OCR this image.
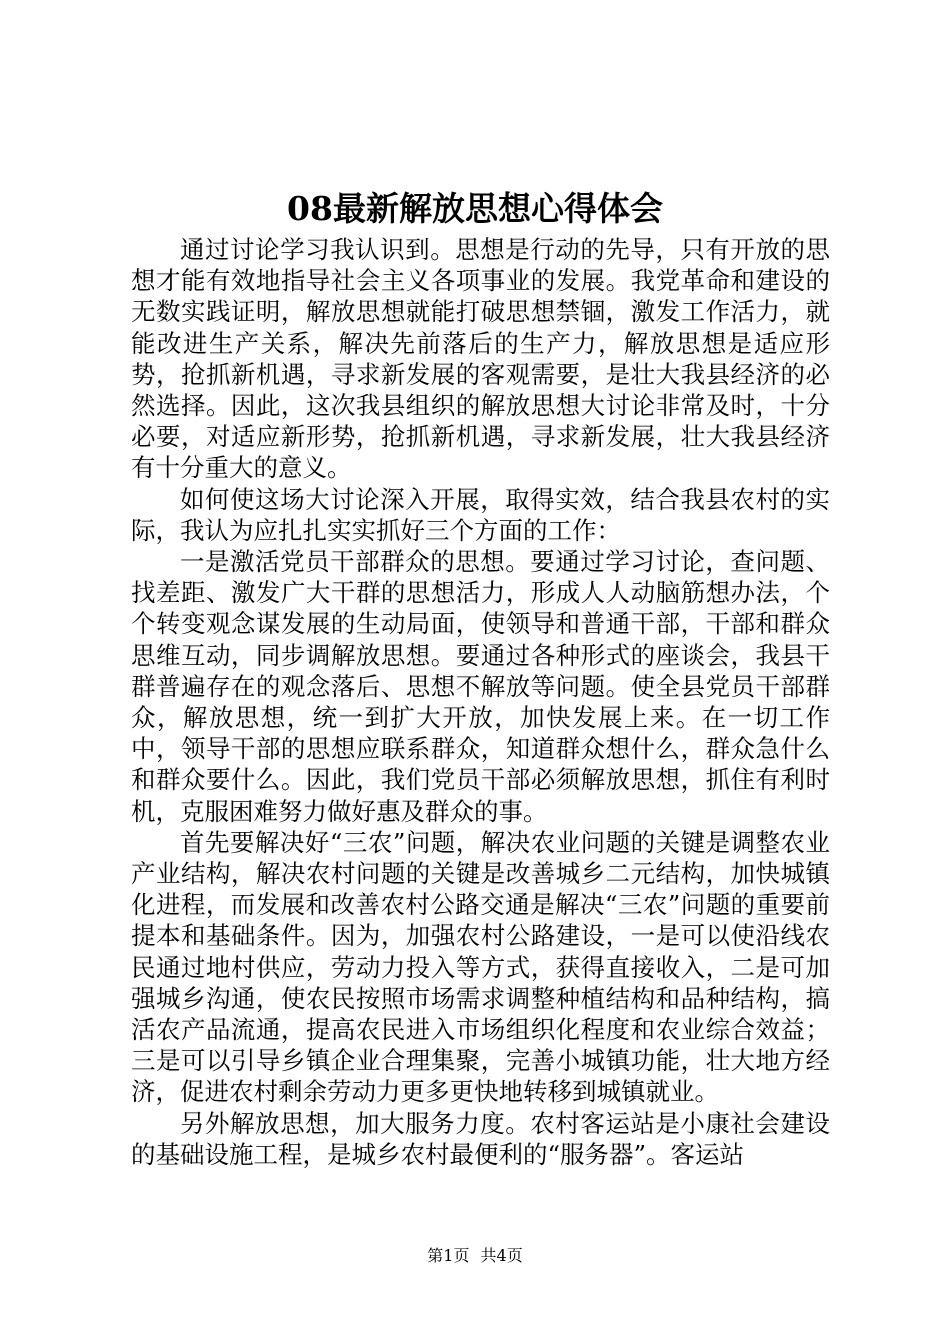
08最新解放思想心得体会

通过讨论学习我认识到。思想是行动的先导，只有开放的思想才能有效地指导社会主义各项事业的发展。我党革命和建设的无数实践证明，解放思想就能打破思想禁锢，激发工作活力，就能改进生产关系，解决先前落后的生产力，解放思想是适应形势，抢抓新机遇，寻求新发展的客观需要，是壮大我县经济的必然选择。因此，这次我县组织的解放思想大讨论非常及时，十分必要，对适应新形势，抢抓新机遇，寻求新发展，壮大我县经济有十分重大的意义。

如何使这场大讨论深入开展，取得实效，结合我县农村的实际，我认为应扎扎实实抓好三个方面的工作：

一是激活党员干部群众的思想。要通过学习讨论，查问题、找差距、激发广大干群的思想活力，形成人人动脑筋想办法，个个转变观念谋发展的生动局面，使领导和普通干部，干部和群众思维互动，同步调解放思想。要通过各种形式的座谈会，我县干群普遍存在的观念落后、思想不解放等问题。使全县党员干部群众，解放思想，统一到扩大开放，加快发展上来。在一切工作中，领导干部的思想应联系群众，知道群众想什么，群众急什么和群众要什么。因此，我们党员干部必须解放思想，抓住有利时机，克服困难努力做好惠及群众的事。

首先要解决好“三农”问题，解决农业问题的关键是调整农业产业结构，解决农村问题的关键是改善城乡二元结构，加快城镇化进程，而发展和改善农村公路交通是解决“三农”问题的重要前提本和基础条件。因为，加强农村公路建设，一是可以使沿线农民通过地村供应，劳动力投入等方式，获得直接收入，二是可加强城乡沟通，使农民按照市场需求调整种植结构和品种结构，搞活农产品流通，提高农民进入市场组织化程度和农业综合效益；三是可以引导乡镇企业合理集聚，完善小城镇功能，壮大地方经济，促进农村剩余劳动力更多更快地转移到城镇就业。

另外解放思想，加大服务力度。农村客运站是小康社会建设的基础设施工程，是城乡农村最便利的“服务器”。客运站

第1页 共4页
